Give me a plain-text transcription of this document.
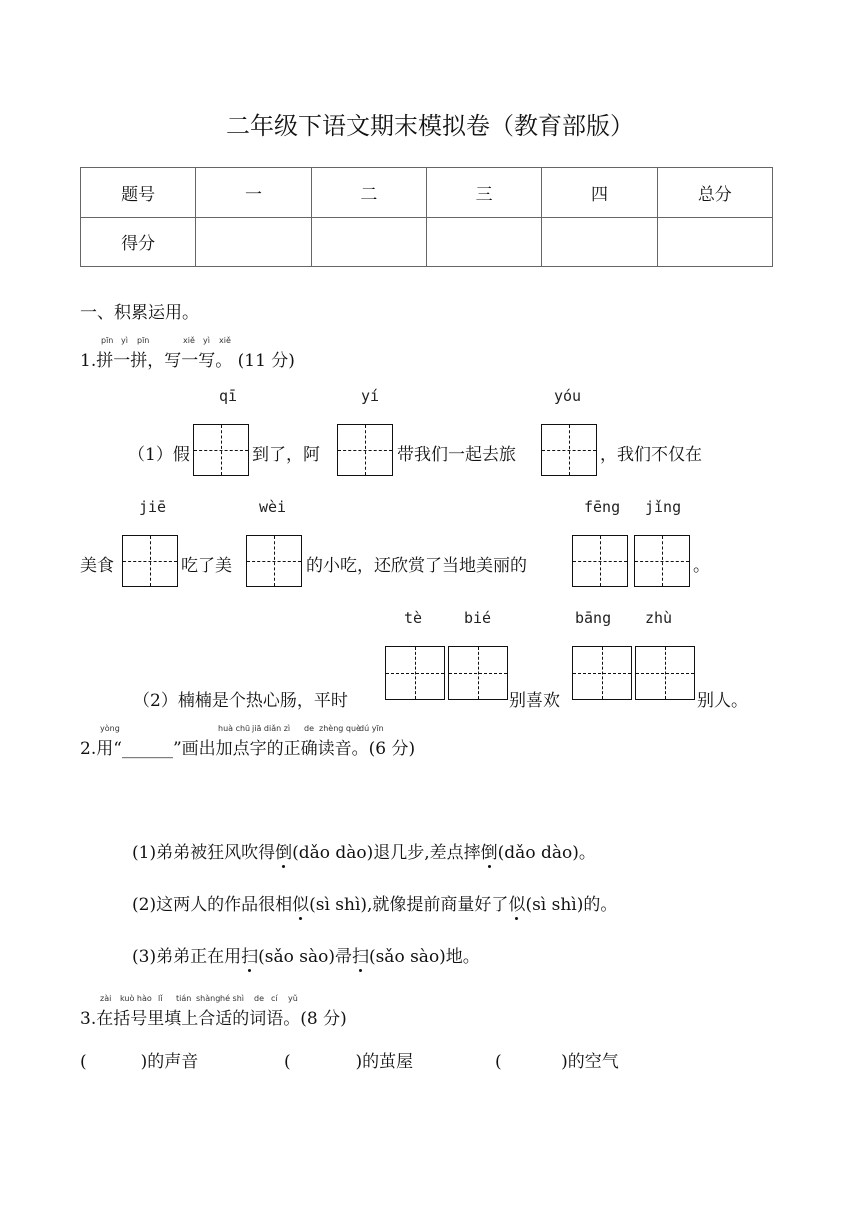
二年级下语文期末模拟卷（教育部版）
题号	一	二	三	四	总分
得分					
一、积累运用。
pīn yì pīn	xiě yì xiě
1.拼一拼，写一写。 (11 分)
qī	yí	yóu
（1）假	到了，阿	带我们一起去旅	，我们不仅在
jiē	wèi	fēng jǐng
美食	吃了美	的小吃，还欣赏了当地美丽的	。
tè	bié	bāng zhù
（2）楠楠是个热心肠，平时	别喜欢	别人。
yòng	huà chū jiā diǎn zì de zhèng quèdú yīn
2.用“______”画出加点字的正确读音。(6 分)
(1)弟弟被狂风吹得倒(dǎo dào)退几步,差点摔倒(dǎo dào)。
(2)这两人的作品很相似(sì shì),就像提前商量好了似(sì shì)的。
(3)弟弟正在用扫(sǎo sào)帚扫(sǎo sào)地。
zài kuò hào lǐ tián shànghé shì de cí yǔ
3.在括号里填上合适的词语。(8 分)
(          )的声音	(            )的茧屋	(           )的空气
